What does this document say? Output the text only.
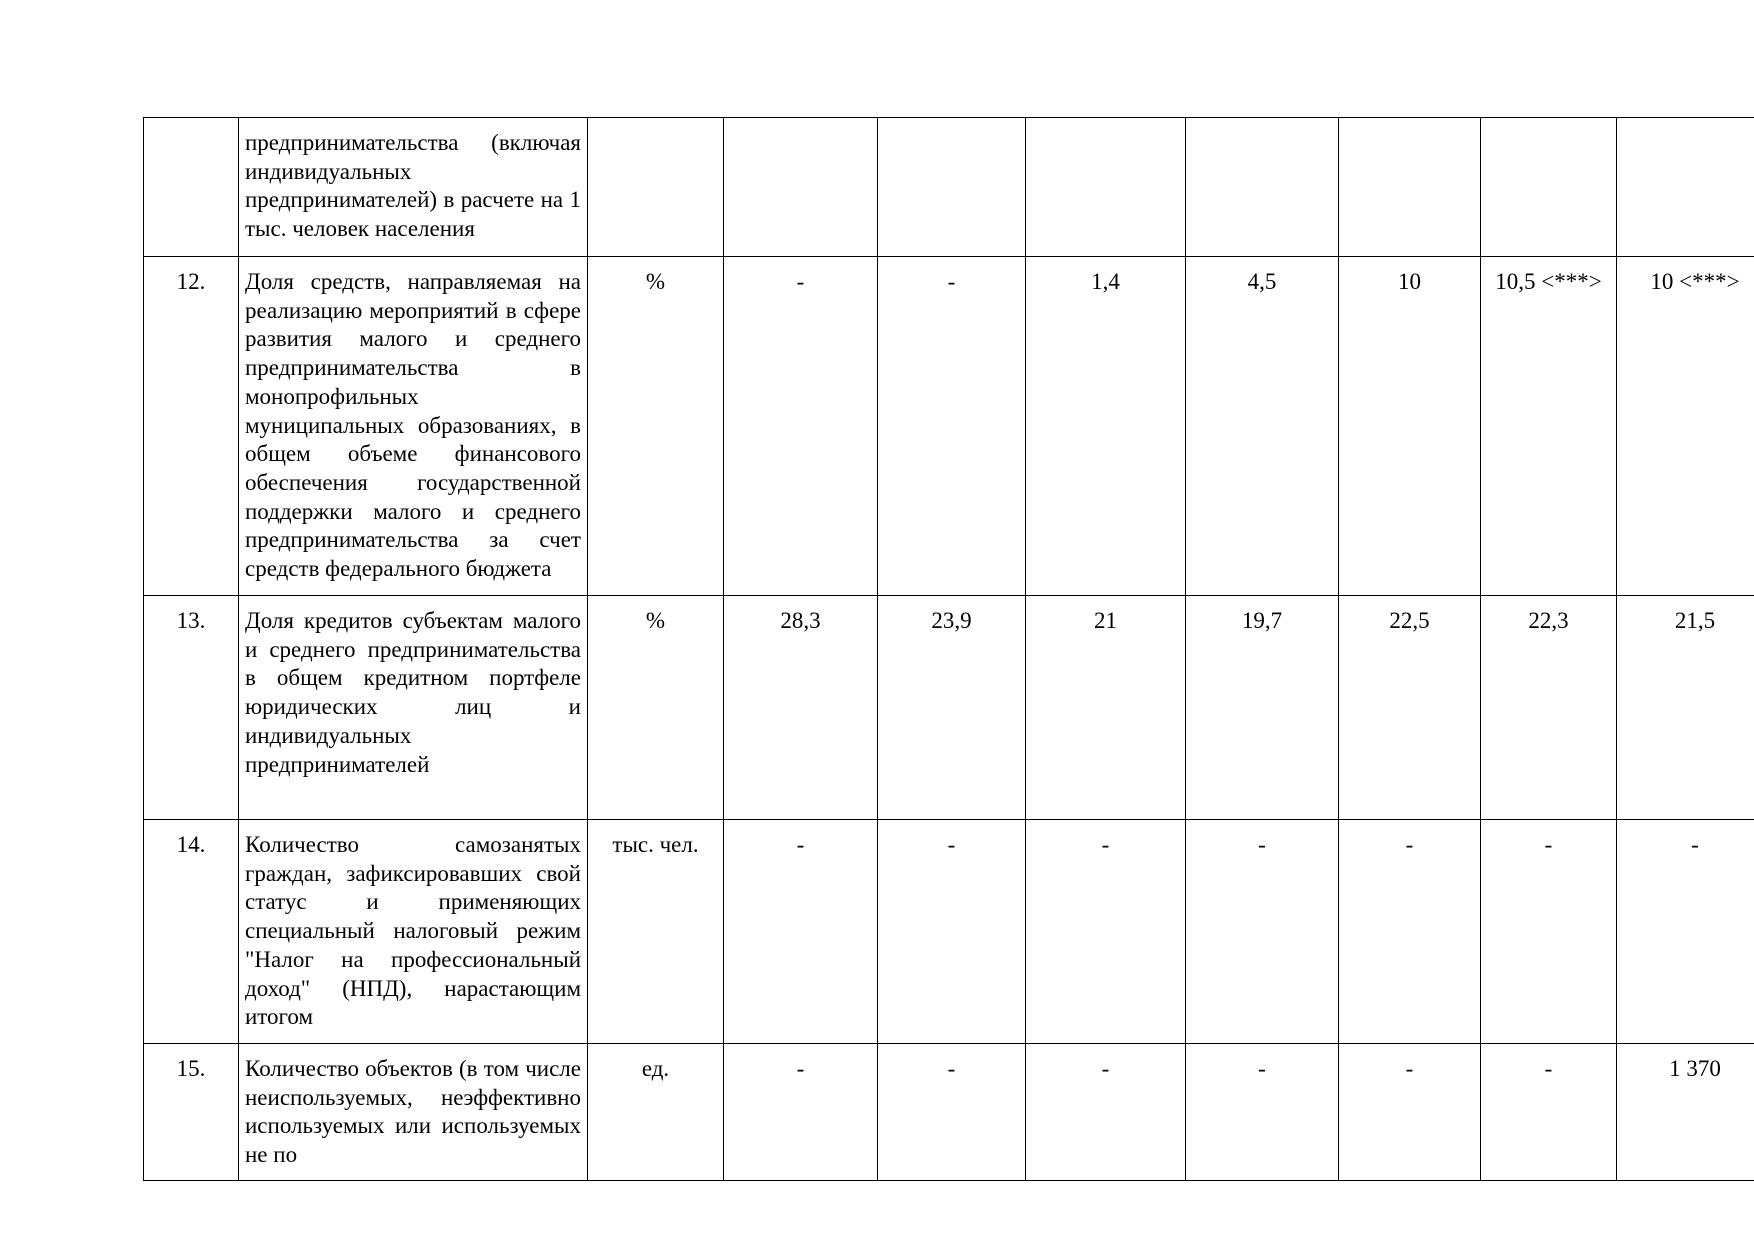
	предпринимательства (включая индивидуальных предпринимателей) в расчете на 1 тыс. человек населения								
12.	Доля средств, направляемая на реализацию мероприятий в сфере развития малого и среднего предпринимательства в монопрофильных муниципальных образованиях, в общем объеме финансового обеспечения государственной поддержки малого и среднего предпринимательства за счет средств федерального бюджета	%	-	-	1,4	4,5	10	10,5 <***>	10 <***>
13.	Доля кредитов субъектам малого и среднего предпринимательства в общем кредитном портфеле юридических лиц и индивидуальных предпринимателей	%	28,3	23,9	21	19,7	22,5	22,3	21,5
14.	Количество самозанятых граждан, зафиксировавших свой статус и применяющих специальный налоговый режим "Налог на профессиональный доход" (НПД), нарастающим итогом	тыс. чел.	-	-	-	-	-	-	-
15.	Количество объектов (в том числе неиспользуемых, неэффективно используемых или используемых не по	ед.	-	-	-	-	-	-	1 370
